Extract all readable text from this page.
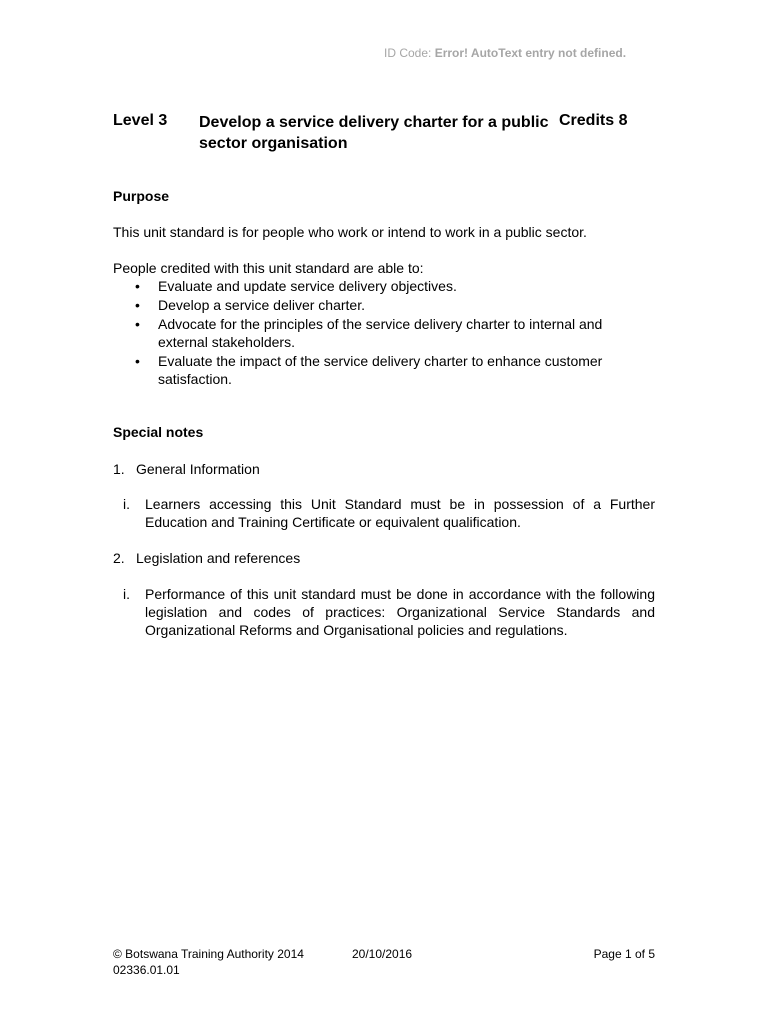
ID Code: Error! AutoText entry not defined.
Level 3 Develop a service delivery charter for a public sector organisation
Credits 8
Purpose
This unit standard is for people who work or intend to work in a public sector.
People credited with this unit standard are able to:
• Evaluate and update service delivery objectives.
• Develop a service deliver charter.
• Advocate for the principles of the service delivery charter to internal and external stakeholders.
• Evaluate the impact of the service delivery charter to enhance customer satisfaction.
Special notes
1. General Information
i. Learners accessing this Unit Standard must be in possession of a Further Education and Training Certificate or equivalent qualification.
2. Legislation and references
i. Performance of this unit standard must be done in accordance with the following legislation and codes of practices: Organizational Service Standards and Organizational Reforms and Organisational policies and regulations.
© Botswana Training Authority 2014	20/10/2016	Page 1 of 5
02336.01.01
